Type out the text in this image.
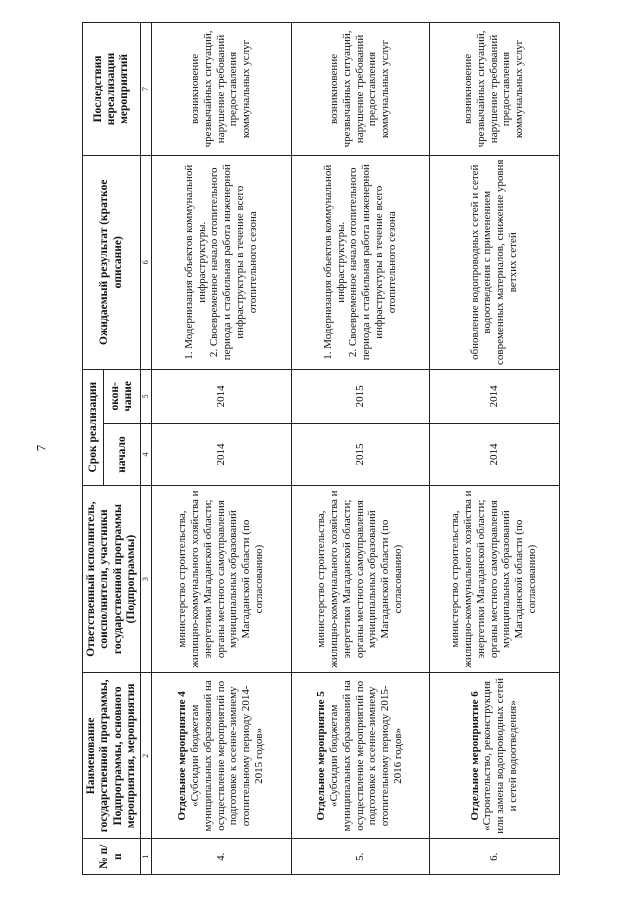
7
№ п/п	Наименование государственной программы, Подпрограммы, основного мероприятия, мероприятия	Ответственный исполнитель, соисполнители, участники государственной программы (Подпрограммы)	Срок реализации		Ожидаемый результат (краткое описание)	Последствия нереализации мероприятий
			начало	окон-чание		
1	2	3	4	5	6	7
4.	Отдельное мероприятие 4 «Субсидии бюджетам муниципальных образований на осуществление мероприятий по подготовке к осенне-зимнему отопительному периоду 2014-2015 годов»	министерство строительства, жилищно-коммунального хозяйства и энергетики Магаданской области; органы местного самоуправления муниципальных образований Магаданской области (по согласованию)	2014	2014	1. Модернизация объектов коммунальной инфраструктуры. 2. Своевременное начало отопительного периода и стабильная работа инженерной инфраструктуры в течение всего отопительного сезона	возникновение чрезвычайных ситуаций, нарушение требований предоставления коммунальных услуг
5.	Отдельное мероприятие 5 «Субсидии бюджетам муниципальных образований на осуществление мероприятий по подготовке к осенне-зимнему отопительному периоду 2015-2016 годов»	министерство строительства, жилищно-коммунального хозяйства и энергетики Магаданской области; органы местного самоуправления муниципальных образований Магаданской области (по согласованию)	2015	2015	1. Модернизация объектов коммунальной инфраструктуры. 2. Своевременное начало отопительного периода и стабильная работа инженерной инфраструктуры в течение всего отопительного сезона	возникновение чрезвычайных ситуаций, нарушение требований предоставления коммунальных услуг
6.	Отдельное мероприятие 6 «Строительство, реконструкция или замена водопроводных сетей и сетей водоотведения»	министерство строительства, жилищно-коммунального хозяйства и энергетики Магаданской области; органы местного самоуправления муниципальных образований Магаданской области (по согласованию)	2014	2014	обновление водопроводных сетей и сетей водоотведения с применением современных материалов, снижение уровня ветхих сетей	возникновение чрезвычайных ситуаций, нарушение требований предоставления коммунальных услуг
